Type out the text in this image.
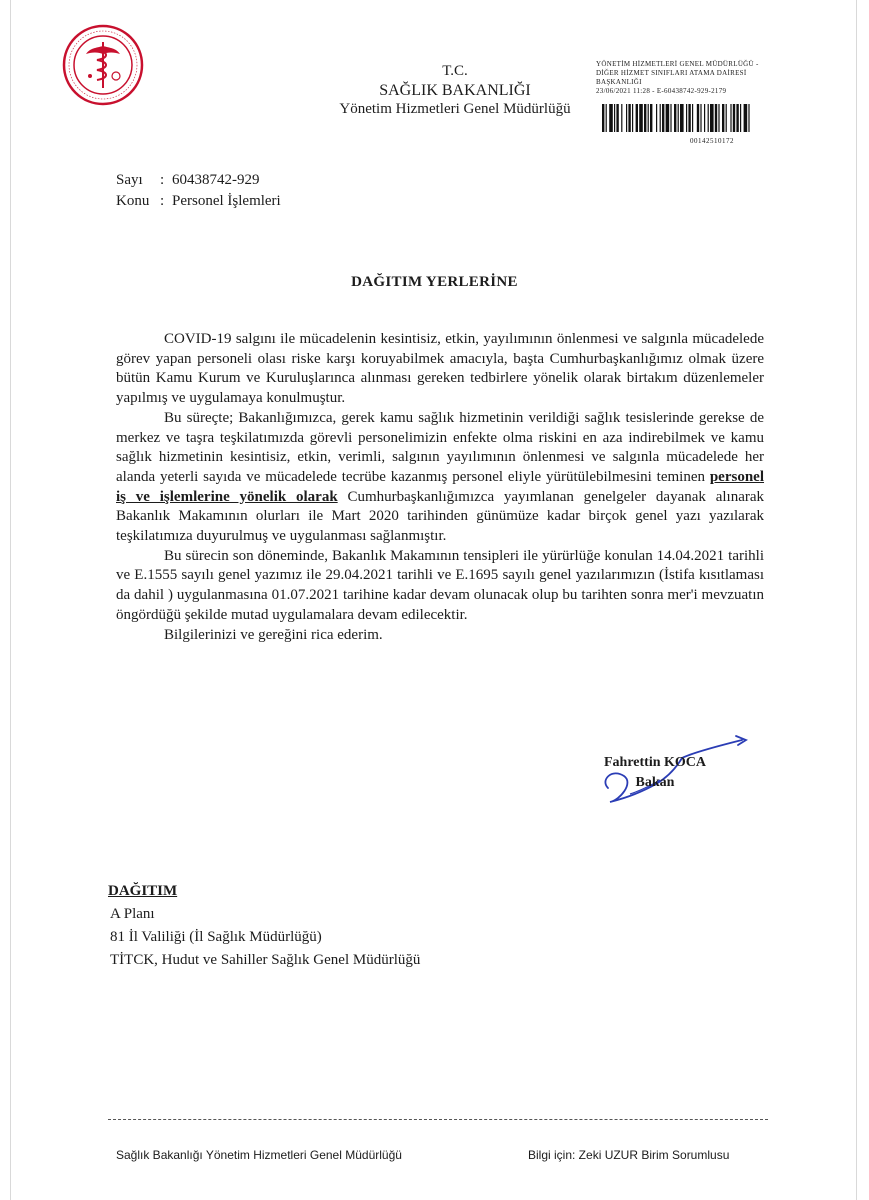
T.C.
SAĞLIK BAKANLIĞI
Yönetim Hizmetleri Genel Müdürlüğü
YÖNETİM HİZMETLERİ GENEL MÜDÜRLÜĞÜ -
DİĞER HİZMET SINIFLARI ATAMA DAİRESİ
BAŞKANLIĞI
23/06/2021 11:28 - E-60438742-929-2179
00142510172
Sayı	: 60438742-929
Konu : Personel İşlemleri
DAĞITIM YERLERİNE

COVID-19 salgını ile mücadelenin kesintisiz, etkin, yayılımının önlenmesi ve salgınla mücadelede görev yapan personeli olası riske karşı koruyabilmek amacıyla, başta Cumhurbaşkanlığımız olmak üzere bütün Kamu Kurum ve Kuruluşlarınca alınması gereken tedbirlere yönelik olarak birtakım düzenlemeler yapılmış ve uygulamaya konulmuştur.

Bu süreçte; Bakanlığımızca, gerek kamu sağlık hizmetinin verildiği sağlık tesislerinde gerekse de merkez ve taşra teşkilatımızda görevli personelimizin enfekte olma riskini en aza indirebilmek ve kamu sağlık hizmetinin kesintisiz, etkin, verimli, salgının yayılımının önlenmesi ve salgınla mücadelede her alanda yeterli sayıda ve mücadelede tecrübe kazanmış personel eliyle yürütülebilmesini teminen personel iş ve işlemlerine yönelik olarak Cumhurbaşkanlığımızca yayımlanan genelgeler dayanak alınarak Bakanlık Makamının olurları ile Mart 2020 tarihinden günümüze kadar birçok genel yazı yazılarak teşkilatımıza duyurulmuş ve uygulanması sağlanmıştır.

Bu sürecin son döneminde, Bakanlık Makamının tensipleri ile yürürlüğe konulan 14.04.2021 tarihli ve E.1555 sayılı genel yazımız ile 29.04.2021 tarihli ve E.1695 sayılı genel yazılarımızın (İstifa kısıtlaması da dahil ) uygulanmasına 01.07.2021 tarihine kadar devam olunacak olup bu tarihten sonra mer'i mevzuatın öngördüğü şekilde mutad uygulamalara devam edilecektir.

Bilgilerinizi ve gereğini rica ederim.

Fahrettin KOCA
Bakan
DAĞITIM
A Planı
81 İl Valiliği (İl Sağlık Müdürlüğü)
TİTCK, Hudut ve Sahiller Sağlık Genel Müdürlüğü
Sağlık Bakanlığı Yönetim Hizmetleri Genel Müdürlüğü	Bilgi için: Zeki UZUR Birim Sorumlusu
